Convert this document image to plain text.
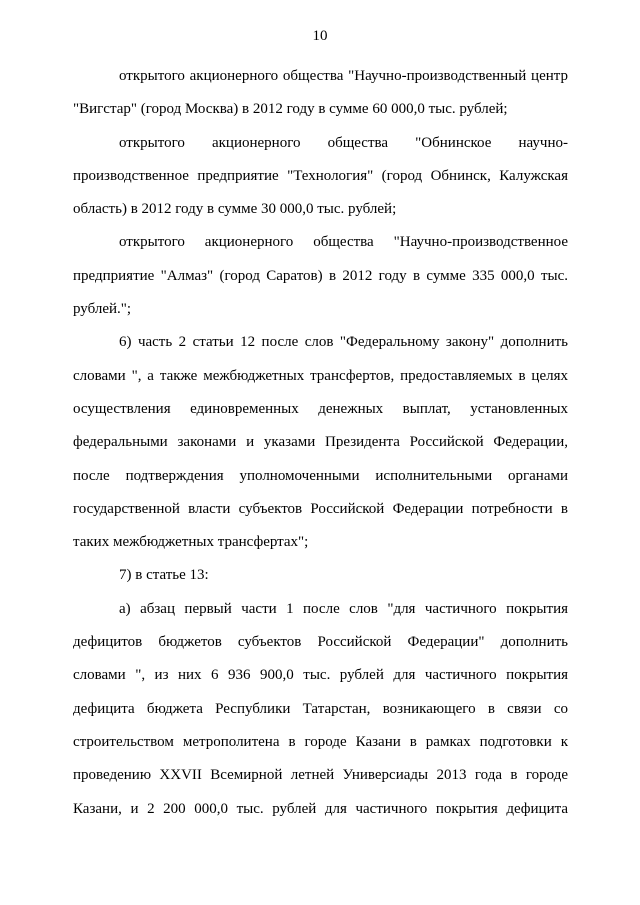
10
открытого акционерного общества "Научно-производственный центр
"Вигстар" (город Москва) в 2012 году в сумме 60 000,0 тыс. рублей;
открытого акционерного общества "Обнинское научно-
производственное предприятие "Технология" (город Обнинск, Калужская
область) в 2012 году в сумме 30 000,0 тыс. рублей;
открытого акционерного общества "Научно-производственное
предприятие "Алмаз" (город Саратов) в 2012 году в сумме 335 000,0 тыс.
рублей.";
6) часть 2 статьи 12 после слов "Федеральному закону" дополнить
словами ", а также межбюджетных трансфертов, предоставляемых в целях
осуществления единовременных денежных выплат, установленных
федеральными законами и указами Президента Российской Федерации,
после подтверждения уполномоченными исполнительными органами
государственной власти субъектов Российской Федерации потребности в
таких межбюджетных трансфертах";
7) в статье 13:
а) абзац первый части 1 после слов "для частичного покрытия
дефицитов бюджетов субъектов Российской Федерации" дополнить
словами ", из них 6 936 900,0 тыс. рублей для частичного покрытия
дефицита бюджета Республики Татарстан, возникающего в связи со
строительством метрополитена в городе Казани в рамках подготовки к
проведению XXVII Всемирной летней Универсиады 2013 года в городе
Казани, и 2 200 000,0 тыс. рублей для частичного покрытия дефицита
